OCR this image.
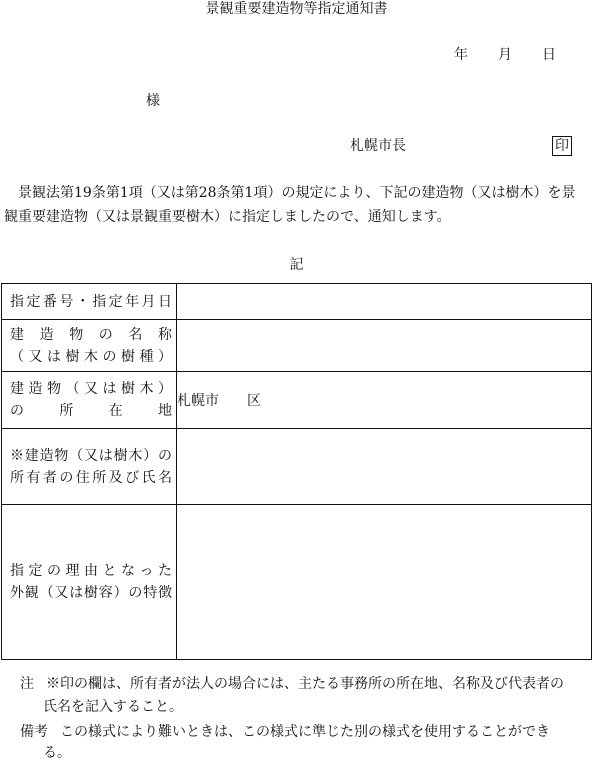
景観重要建造物等指定通知書
年 月 日
様
札幌市長	印
景観法第19条第1項（又は第28条第1項）の規定により、下記の建造物（又は樹木）を景観重要建造物（又は景観重要樹木）に指定しましたので、通知します。
記
指定番号・指定年月日	

建造物の名称
（又は樹木の樹種）	

建造物（又は樹木）
の所在地	札幌市　　区

※建造物（又は樹木）の
所有者の住所及び氏名	

指定の理由となった
外観（又は樹容）の特徴	

注 ※印の欄は、所有者が法人の場合には、主たる事務所の所在地、名称及び代表者の
氏名を記入すること。
備考 この様式により難いときは、この様式に準じた別の様式を使用することができ
る。
